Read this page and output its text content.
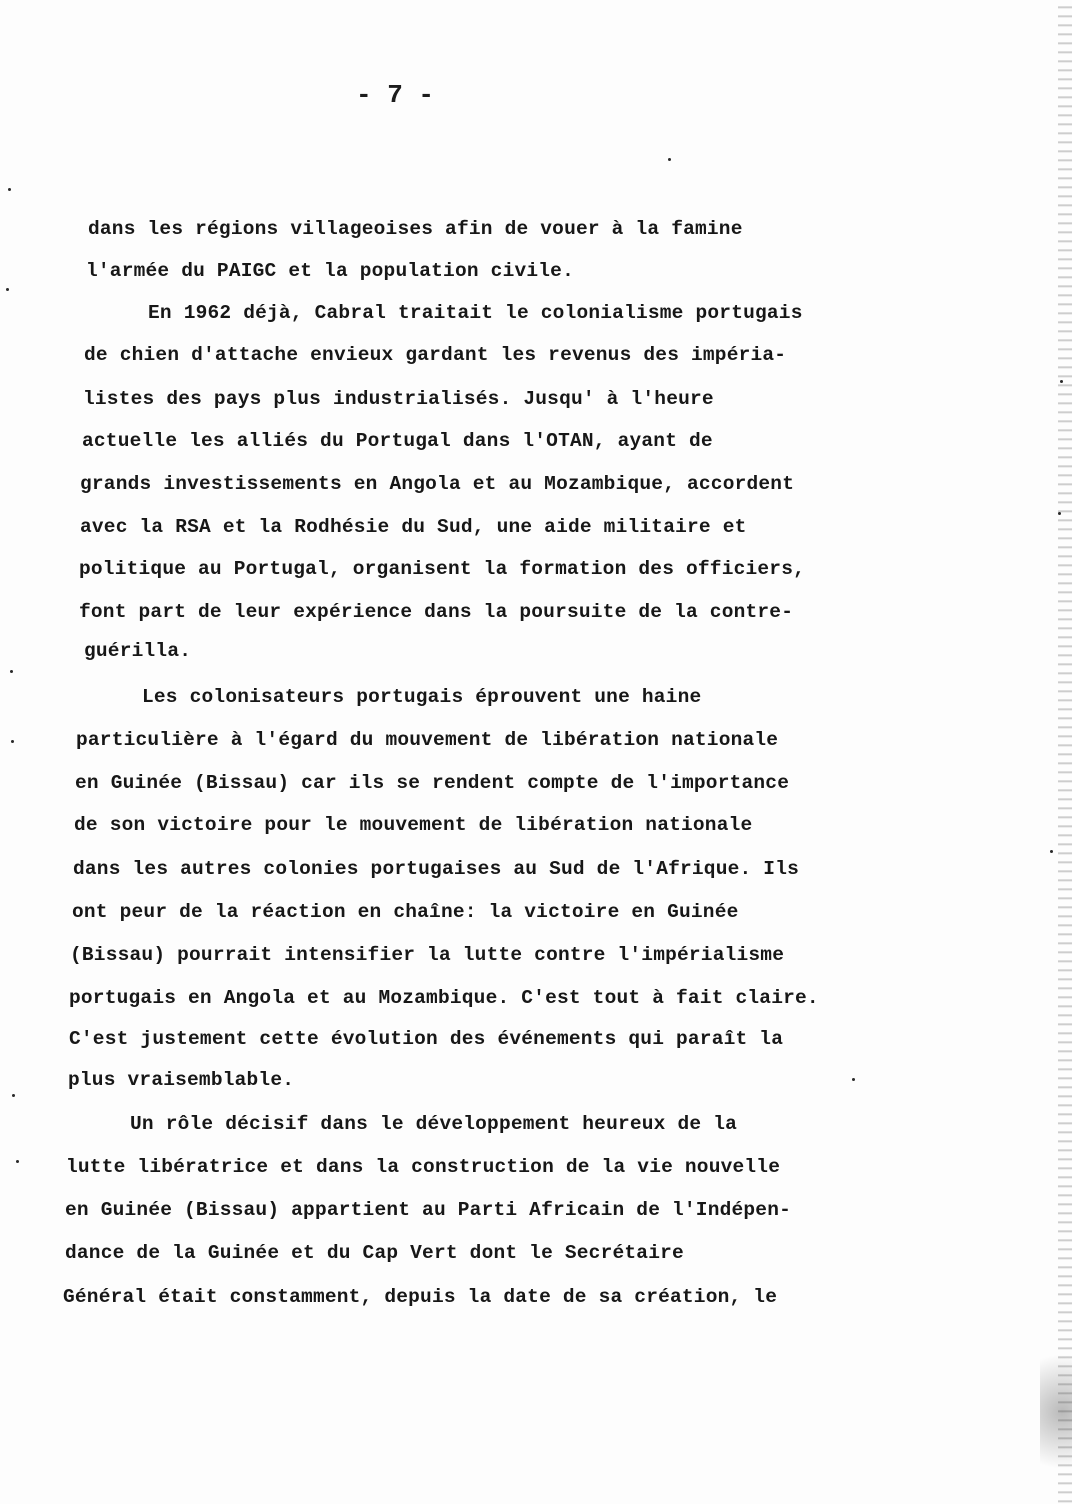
- 7 -
dans les régions villageoises afin de vouer à la famine
l'armée du PAIGC et la population civile.
En 1962 déjà, Cabral traitait le colonialisme portugais
de chien d'attache envieux gardant les revenus des impéria-
listes des pays plus industrialisés. Jusqu' à l'heure
actuelle les alliés du Portugal dans l'OTAN, ayant de
grands investissements en Angola et au Mozambique, accordent
avec la RSA et la Rodhésie du Sud, une aide militaire et
politique au Portugal, organisent la formation des officiers,
font part de leur expérience dans la poursuite de la contre-
guérilla.
Les colonisateurs portugais éprouvent une haine
particulière à l'égard du mouvement de libération nationale
en Guinée (Bissau) car ils se rendent compte de l'importance
de son victoire pour le mouvement de libération nationale
dans les autres colonies portugaises au Sud de l'Afrique. Ils
ont peur de la réaction en chaîne: la victoire en Guinée
(Bissau) pourrait intensifier la lutte contre l'impérialisme
portugais en Angola et au Mozambique. C'est tout à fait claire.
C'est justement cette évolution des événements qui paraît la
plus vraisemblable.
Un rôle décisif dans le développement heureux de la
lutte libératrice et dans la construction de la vie nouvelle
en Guinée (Bissau) appartient au Parti Africain de l'Indépen-
dance de la Guinée et du Cap Vert dont le Secrétaire
Général était constamment, depuis la date de sa création, le
